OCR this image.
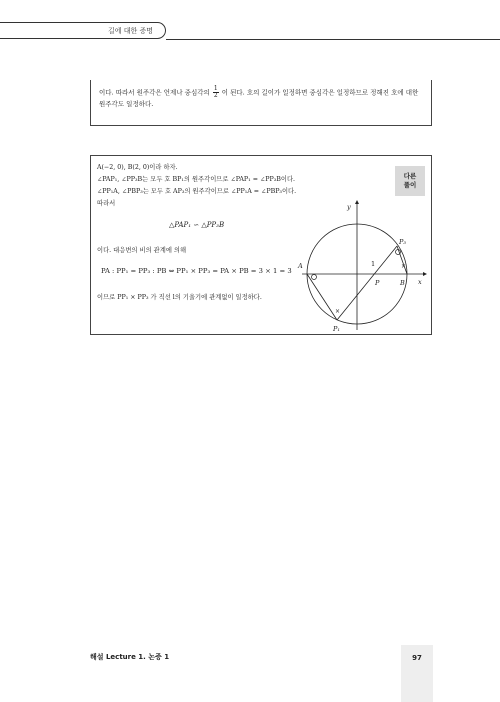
길에 대한 증명
이다. 따라서 원주각은 언제나 중심각의 $\frac{1}{2}$ 이 된다. 호의 길이가 일정하면 중심각은 일정하므로 정해진 호에 대한
원주각도 일정하다.
다른
풀이
A(−2, 0), B(2, 0)이라 하자.
∠PAP₁, ∠PP₃B는 모두 호 BP₁의 원주각이므로 ∠PAP₁ = ∠PP₃B이다.
∠PP₁A, ∠PBP₃는 모두 호 AP₃의 원주각이므로 ∠PP₁A = ∠PBP₃이다.
따라서
△PAP₁ ∽ △PP₃B
이다. 대응변의 비의 관계에 의해
PA : PP₁ = PP₃ : PB ⇔ PP₁ × PP₃ = PA × PB = 3 × 1 = 3
이므로 PP₁ × PP₃ 가 직선 l의 기울기에 관계없이 일정하다.
×
×
y
x
A
B
P
P₁
P₃
1
해설 Lecture 1. 논증 1	97
